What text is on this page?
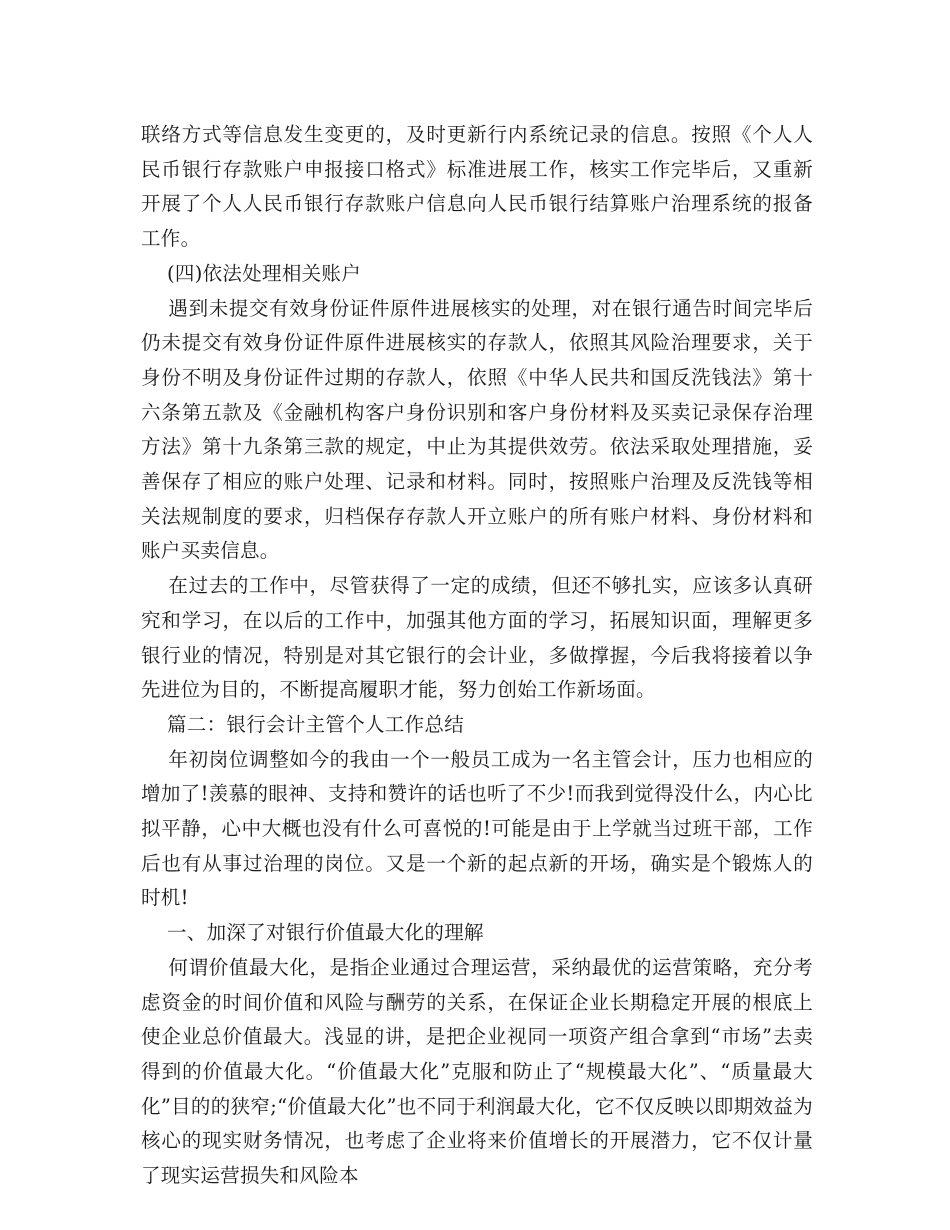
联络方式等信息发生变更的，及时更新行内系统记录的信息。按照《个人人民币银行存款账户申报接口格式》标准进展工作，核实工作完毕后，又重新开展了个人人民币银行存款账户信息向人民币银行结算账户治理系统的报备工作。

(四)依法处理相关账户

遇到未提交有效身份证件原件进展核实的处理，对在银行通告时间完毕后仍未提交有效身份证件原件进展核实的存款人，依照其风险治理要求，关于身份不明及身份证件过期的存款人，依照《中华人民共和国反洗钱法》第十六条第五款及《金融机构客户身份识别和客户身份材料及买卖记录保存治理方法》第十九条第三款的规定，中止为其提供效劳。依法采取处理措施，妥善保存了相应的账户处理、记录和材料。同时，按照账户治理及反洗钱等相关法规制度的要求，归档保存存款人开立账户的所有账户材料、身份材料和账户买卖信息。

在过去的工作中，尽管获得了一定的成绩，但还不够扎实，应该多认真研究和学习，在以后的工作中，加强其他方面的学习，拓展知识面，理解更多银行业的情况，特别是对其它银行的会计业，多做撑握，今后我将接着以争先进位为目的，不断提高履职才能，努力创始工作新场面。

篇二：银行会计主管个人工作总结

年初岗位调整如今的我由一个一般员工成为一名主管会计，压力也相应的增加了!羡慕的眼神、支持和赞许的话也听了不少!而我到觉得没什么，内心比拟平静，心中大概也没有什么可喜悦的!可能是由于上学就当过班干部，工作后也有从事过治理的岗位。又是一个新的起点新的开场，确实是个锻炼人的时机!

一、加深了对银行价值最大化的理解

何谓价值最大化，是指企业通过合理运营，采纳最优的运营策略，充分考虑资金的时间价值和风险与酬劳的关系，在保证企业长期稳定开展的根底上使企业总价值最大。浅显的讲，是把企业视同一项资产组合拿到“市场”去卖得到的价值最大化。“价值最大化”克服和防止了“规模最大化”、“质量最大化”目的的狭窄;“价值最大化”也不同于利润最大化，它不仅反映以即期效益为核心的现实财务情况，也考虑了企业将来价值增长的开展潜力，它不仅计量了现实运营损失和风险本
